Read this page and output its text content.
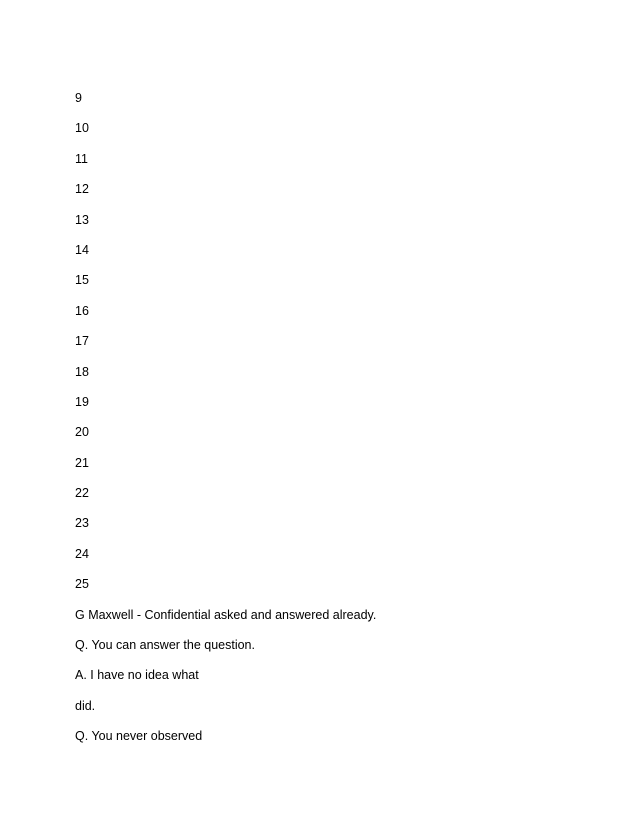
9
10
11
12
13
14
15
16
17
18
19
20
21
22
23
24
25
G Maxwell - Confidential asked and answered already.
Q. You can answer the question.
A. I have no idea what
did.
Q. You never observed
